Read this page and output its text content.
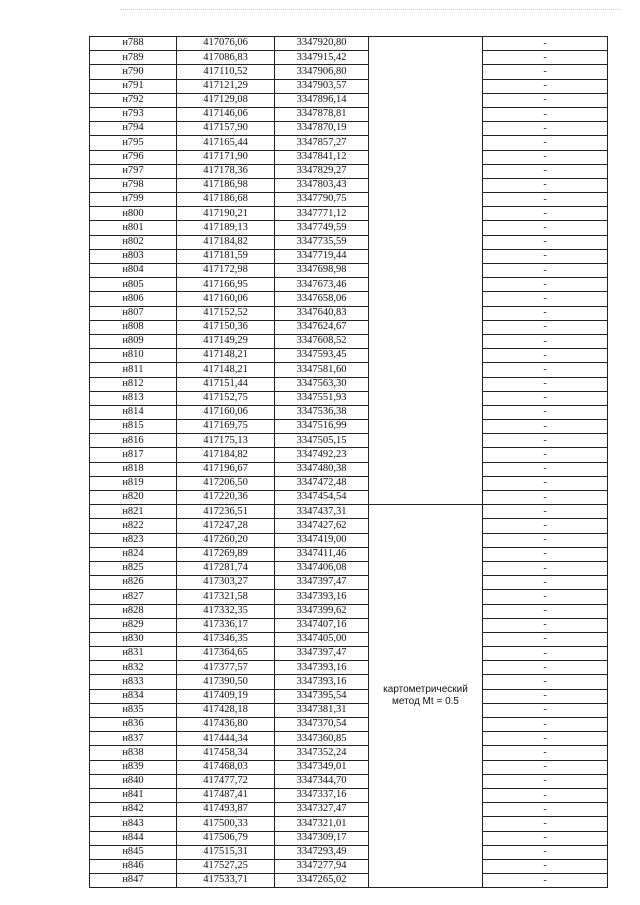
н788	417076,06	3347920,80		-
н789	417086,83	3347915,42		-
н790	417110,52	3347906,80		-
н791	417121,29	3347903,57		-
н792	417129,08	3347896,14		-
н793	417146,06	3347878,81		-
н794	417157,90	3347870,19		-
н795	417165,44	3347857,27		-
н796	417171,90	3347841,12		-
н797	417178,36	3347829,27		-
н798	417186,98	3347803,43		-
н799	417186,68	3347790,75		-
н800	417190,21	3347771,12		-
н801	417189,13	3347749,59		-
н802	417184,82	3347735,59		-
н803	417181,59	3347719,44		-
н804	417172,98	3347698,98		-
н805	417166,95	3347673,46		-
н806	417160,06	3347658,06		-
н807	417152,52	3347640,83		-
н808	417150,36	3347624,67		-
н809	417149,29	3347608,52		-
н810	417148,21	3347593,45		-
н811	417148,21	3347581,60		-
н812	417151,44	3347563,30		-
н813	417152,75	3347551,93		-
н814	417160,06	3347536,38		-
н815	417169,75	3347516,99		-
н816	417175,13	3347505,15		-
н817	417184,82	3347492,23		-
н818	417196,67	3347480,38		-
н819	417206,50	3347472,48		-
н820	417220,36	3347454,54		-
н821	417236,51	3347437,31	картометрический метод Mt = 0.5	-
н822	417247,28	3347427,62		-
н823	417260,20	3347419,00		-
н824	417269,89	3347411,46		-
н825	417281,74	3347406,08		-
н826	417303,27	3347397,47		-
н827	417321,58	3347393,16		-
н828	417332,35	3347399,62		-
н829	417336,17	3347407,16		-
н830	417346,35	3347405,00		-
н831	417364,65	3347397,47		-
н832	417377,57	3347393,16		-
н833	417390,50	3347393,16		-
н834	417409,19	3347395,54		-
н835	417428,18	3347381,31		-
н836	417436,80	3347370,54		-
н837	417444,34	3347360,85		-
н838	417458,34	3347352,24		-
н839	417468,03	3347349,01		-
н840	417477,72	3347344,70		-
н841	417487,41	3347337,16		-
н842	417493,87	3347327,47		-
н843	417500,33	3347321,01		-
н844	417506,79	3347309,17		-
н845	417515,31	3347293,49		-
н846	417527,25	3347277,94		-
н847	417533,71	3347265,02		-
